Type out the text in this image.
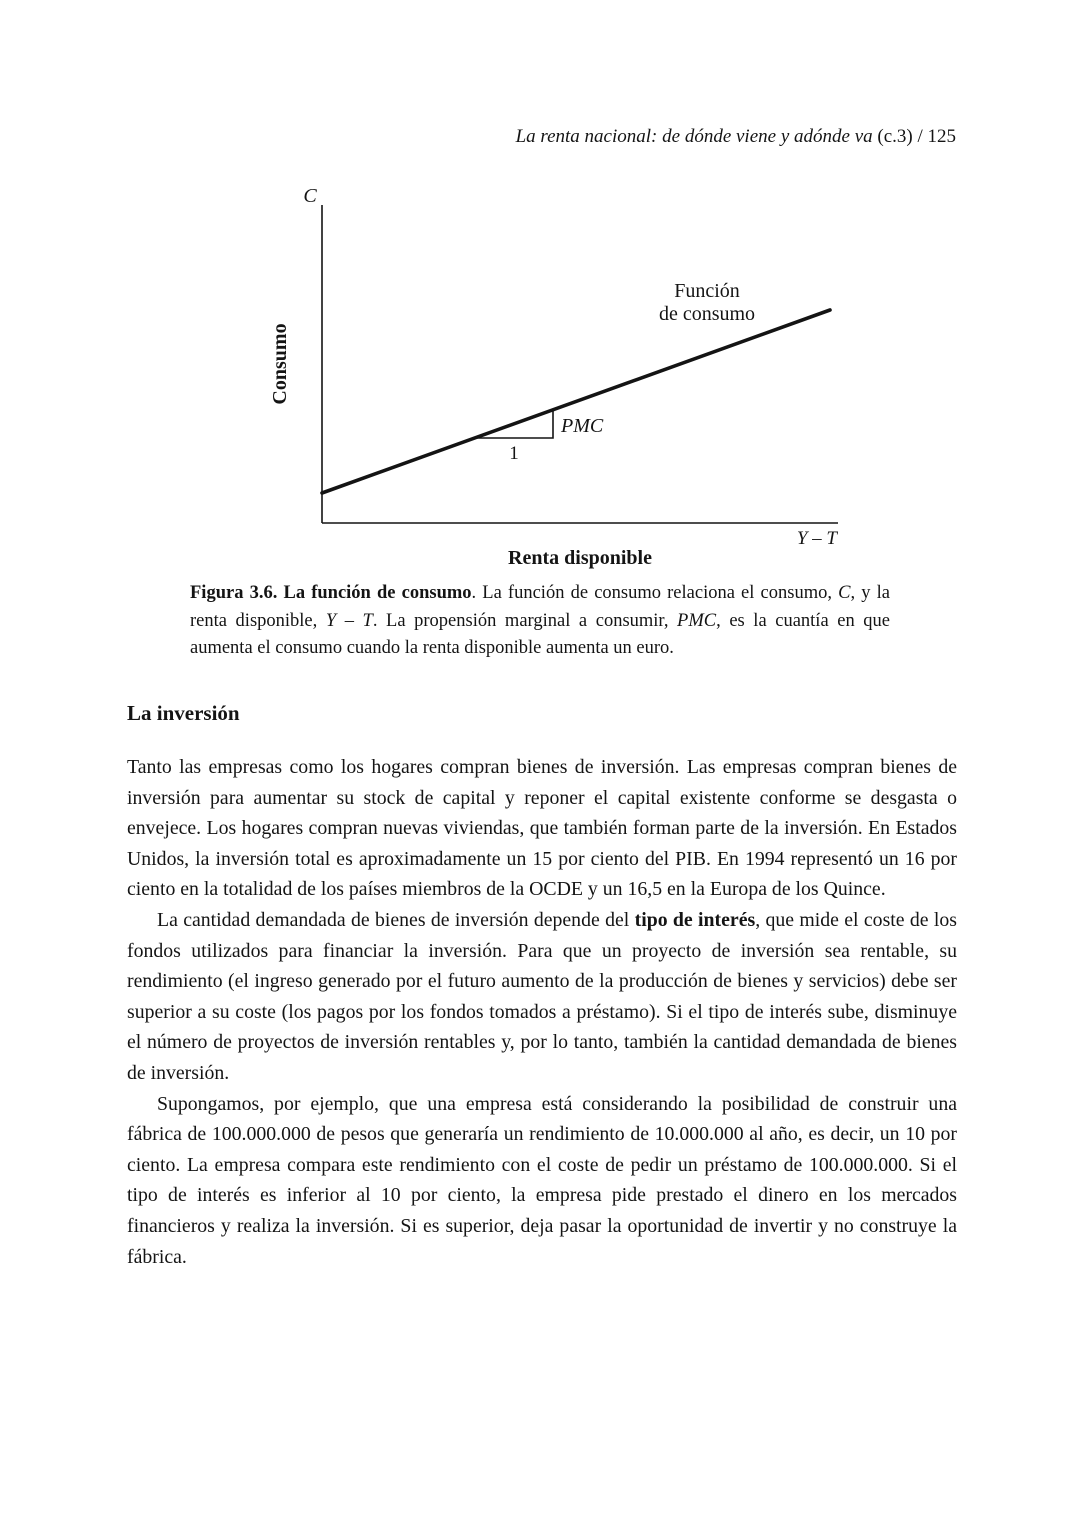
La renta nacional: de dónde viene y adónde va (c.3) / 125
C
Consumo
Función
de consumo
1
PMC
Y – T
Renta disponible
Figura 3.6. La función de consumo. La función de consumo relaciona el consumo, C, y la renta disponible, Y – T. La propensión marginal a consumir, PMC, es la cuantía en que aumenta el consumo cuando la renta disponible aumenta un euro.
La inversión

Tanto las empresas como los hogares compran bienes de inversión. Las empresas compran bienes de inversión para aumentar su stock de capital y reponer el capital existente conforme se desgasta o envejece. Los hogares compran nuevas viviendas, que también forman parte de la inversión. En Estados Unidos, la inversión total es aproximadamente un 15 por ciento del PIB. En 1994 representó un 16 por ciento en la totalidad de los países miembros de la OCDE y un 16,5 en la Europa de los Quince.

La cantidad demandada de bienes de inversión depende del tipo de interés, que mide el coste de los fondos utilizados para financiar la inversión. Para que un proyecto de inversión sea rentable, su rendimiento (el ingreso generado por el futuro aumento de la producción de bienes y servicios) debe ser superior a su coste (los pagos por los fondos tomados a préstamo). Si el tipo de interés sube, disminuye el número de proyectos de inversión rentables y, por lo tanto, también la cantidad demandada de bienes de inversión.

Supongamos, por ejemplo, que una empresa está considerando la posibilidad de construir una fábrica de 100.000.000 de pesos que generaría un rendimiento de 10.000.000 al año, es decir, un 10 por ciento. La empresa compara este rendimiento con el coste de pedir un préstamo de 100.000.000. Si el tipo de interés es inferior al 10 por ciento, la empresa pide prestado el dinero en los mercados financieros y realiza la inversión. Si es superior, deja pasar la oportunidad de invertir y no construye la fábrica.
